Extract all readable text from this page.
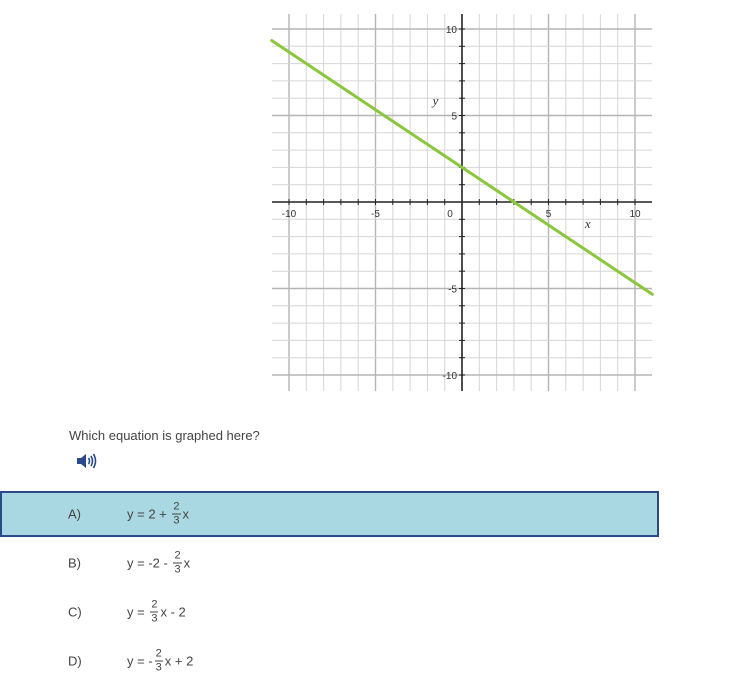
-10	-5	0	5	10
10
5
-5
-10
x
y
Which equation is graphed here?
A)	$y = 2 + \frac{2}{3}$ x
B)	$y = -2 - \frac{2}{3}$ x
C)	$y = \frac{2}{3}$ x - 2
D)	y = - $\frac{2}{3}$ x + 2
